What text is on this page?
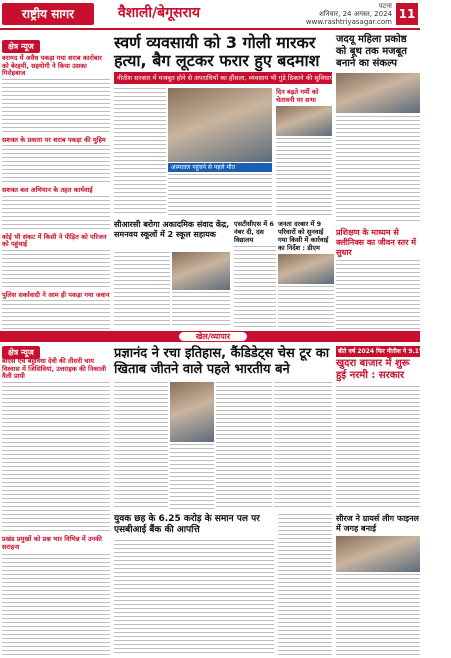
राष्ट्रीय सागर	वैशाली/बेगूसराय	पटना
शनिवार, 24 अगस्त, 2024
www.rashtriyasagar.com
11
क्षेत्र न्यूज
बरामद में अवैध पकड़ा गया शराब कारोबार को बेरहमी, सहयोगी ने किया उसका गिरोहबाज
सशक्त के प्रकारा पर शराब पकड़ा की मुहिम
सशक्त बल अभियान के तहत कार्यवाई
कोई भी संकट में किसी ने पीड़ित को परिजन को पहुंचाई
पुलिस सर्कावादी ने आम ही पकड़ा गया जवान
स्वर्ण व्यवसायी को 3 गोली मारकर हत्या, बैग लूटकर फरार हुए बदमाश
नीतीश सरकार में मजबूत होने से अपराधियों का हौंसला, व्यवसाय भी गुंडे ठिकाने की सुविधाएं
अस्पताल पहुंचने से पहले मौत
दिन बढ़ते गर्मी को चेतावनी पर सभा
सीआरसी बरोगा अकादमिक संवाद केंद्र, समनवय स्कूलों में 2 स्कूल सहायक
एसटीसीएस में 6 नंबर दी, दस विद्यालय
जनता दरबार में 9 परिवारों को सुनवाई गया किसी में कार्रवाई का निर्देश : डीएम
जदयू महिला प्रकोष्ठ को बूथ तक मजबूत बनाने का संकल्प
प्रशिक्षण के माध्यम से क्लीनिक्स का जीवन स्तर में सुधार
खेल/व्यापार
क्षेत्र न्यूज
बीएस एच बहुविधा देवी की तीसरी चाय विश्वास में जिसिवियां, उत्तराइक की निकाली वैली प्रायी
प्रखंड प्रमुखों को प्रश्न भार विभिन्न में उनकी सराहना
प्रज्ञानंद ने रचा इतिहास, कैंडिडेट्स चेस टूर का खिताब जीतने वाले पहले भारतीय बने
युवक छह के 6.25 करोड़ के समान पल पर एसबीआई बैंक की आपत्ति
बीते वर्ष 2024 फिर नीतीश ने 9.1% की गिरावट
खुदरा बाजार में शुरू हुई नरमी : सरकार
सीरज ने ग्रायर्स लीग फाइनल में जगह बनाई
